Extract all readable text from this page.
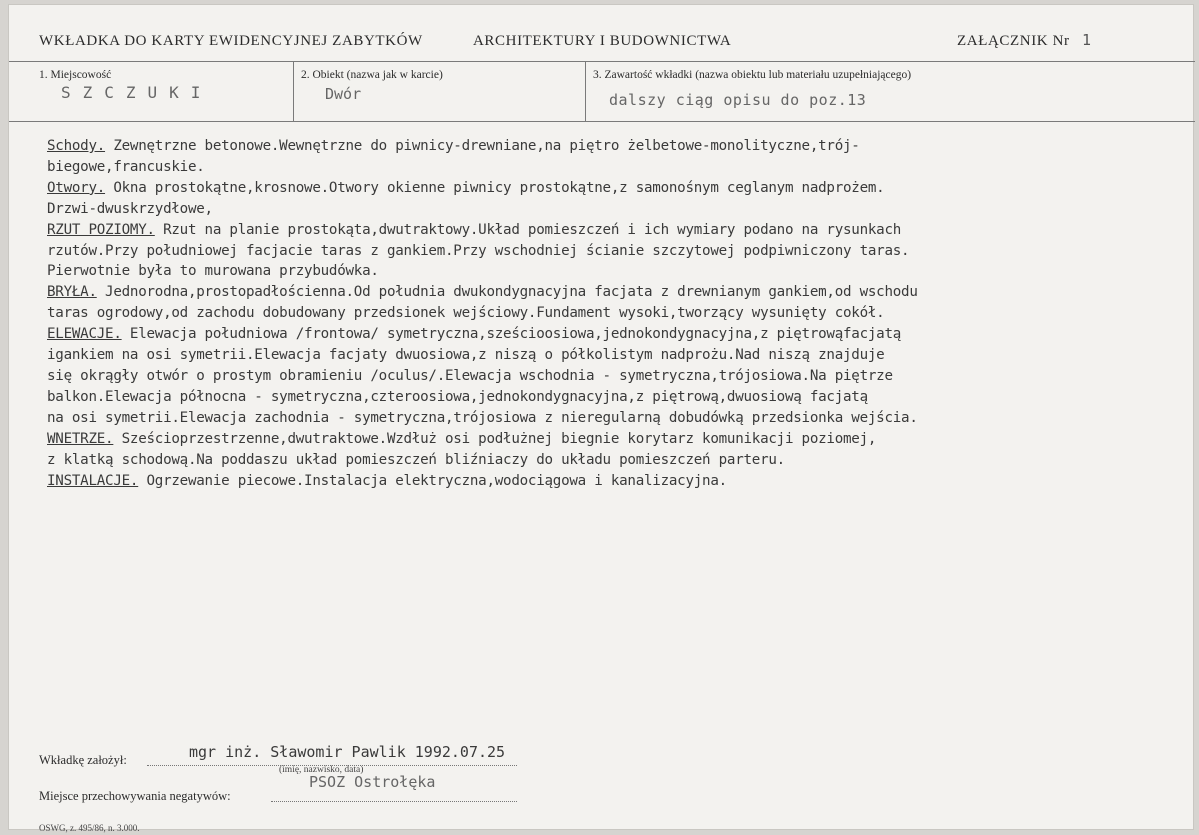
WKŁADKA DO KARTY EWIDENCYJNEJ ZABYTKÓW	ARCHITEKTURY I BUDOWNICTWA	ZAŁĄCZNIK Nr 1
1. Miejscowość
SZCZUKI
2. Obiekt (nazwa jak w karcie)
Dwór
3. Zawartość wkładki (nazwa obiektu lub materiału uzupełniającego)
dalszy ciąg opisu do poz.13
Schody. Zewnętrzne betonowe.Wewnętrzne do piwnicy-drewniane,na piętro żelbetowe-monolityczne,trój-
biegowe,francuskie.
Otwory. Okna prostokątne,krosnowe.Otwory okienne piwnicy prostokątne,z samonośnym ceglanym nadprożem.
Drzwi-dwuskrzydłowe,
RZUT POZIOMY. Rzut na planie prostokąta,dwutraktowy.Układ pomieszczeń i ich wymiary podano na rysunkach
rzutów.Przy południowej facjacie taras z gankiem.Przy wschodniej ścianie szczytowej podpiwniczony taras.
Pierwotnie była to murowana przybudówka.
BRYŁA. Jednorodna,prostopadłościenna.Od południa dwukondygnacyjna facjata z drewnianym gankiem,od wschodu
taras ogrodowy,od zachodu dobudowany przedsionek wejściowy.Fundament wysoki,tworzący wysunięty cokół.
ELEWACJE. Elewacja południowa /frontowa/ symetryczna,sześcioosiowa,jednokondygnacyjna,z piętrowąfacjatą
igankiem na osi symetrii.Elewacja facjaty dwuosiowa,z niszą o półkolistym nadprożu.Nad niszą znajduje
się okrągły otwór o prostym obramieniu /oculus/.Elewacja wschodnia - symetryczna,trójosiowa.Na piętrze
balkon.Elewacja północna - symetryczna,czteroosiowa,jednokondygnacyjna,z piętrową,dwuosiową facjatą
na osi symetrii.Elewacja zachodnia - symetryczna,trójosiowa z nieregularną dobudówką przedsionka wejścia.
WNETRZE. Sześcioprzestrzenne,dwutraktowe.Wzdłuż osi podłużnej biegnie korytarz komunikacji poziomej,
z klatką schodową.Na poddaszu układ pomieszczeń bliźniaczy do układu pomieszczeń parteru.
INSTALACJE. Ogrzewanie piecowe.Instalacja elektryczna,wodociągowa i kanalizacyjna.
Wkładkę założył:	mgr inż. Sławomir Pawlik 1992.07.25
(imię, nazwisko, data)
Miejsce przechowywania negatywów:
PSOZ Ostrołęka
OSWG, z. 495/86, n. 3.000.
